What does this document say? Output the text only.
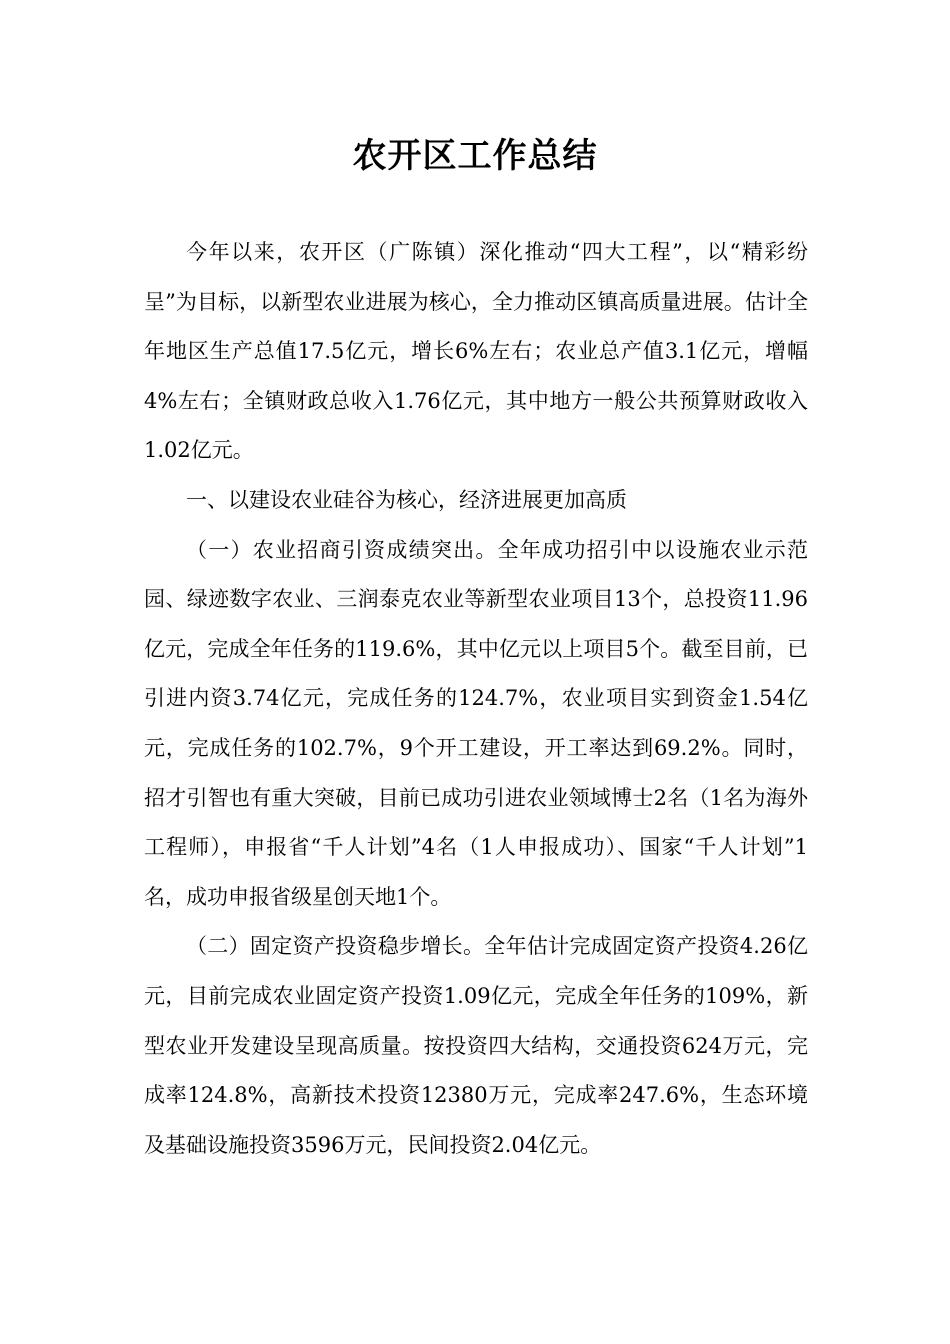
农开区工作总结

今年以来，农开区（广陈镇）深化推动“四大工程”，以“精彩纷呈”为目标，以新型农业进展为核心，全力推动区镇高质量进展。估计全年地区生产总值17.5亿元，增长6%左右；农业总产值3.1亿元，增幅4%左右；全镇财政总收入1.76亿元，其中地方一般公共预算财政收入1.02亿元。

一、以建设农业硅谷为核心，经济进展更加高质

（一）农业招商引资成绩突出。全年成功招引中以设施农业示范园、绿迹数字农业、三润泰克农业等新型农业项目13个，总投资11.96亿元，完成全年任务的119.6%，其中亿元以上项目5个。截至目前，已引进内资3.74亿元，完成任务的124.7%，农业项目实到资金1.54亿元，完成任务的102.7%，9个开工建设，开工率达到69.2%。同时，招才引智也有重大突破，目前已成功引进农业领域博士2名（1名为海外工程师），申报省“千人计划”4名（1人申报成功）、国家“千人计划”1名，成功申报省级星创天地1个。

（二）固定资产投资稳步增长。全年估计完成固定资产投资4.26亿元，目前完成农业固定资产投资1.09亿元，完成全年任务的109%，新型农业开发建设呈现高质量。按投资四大结构，交通投资624万元，完成率124.8%，高新技术投资12380万元，完成率247.6%，生态环境及基础设施投资3596万元，民间投资2.04亿元。
